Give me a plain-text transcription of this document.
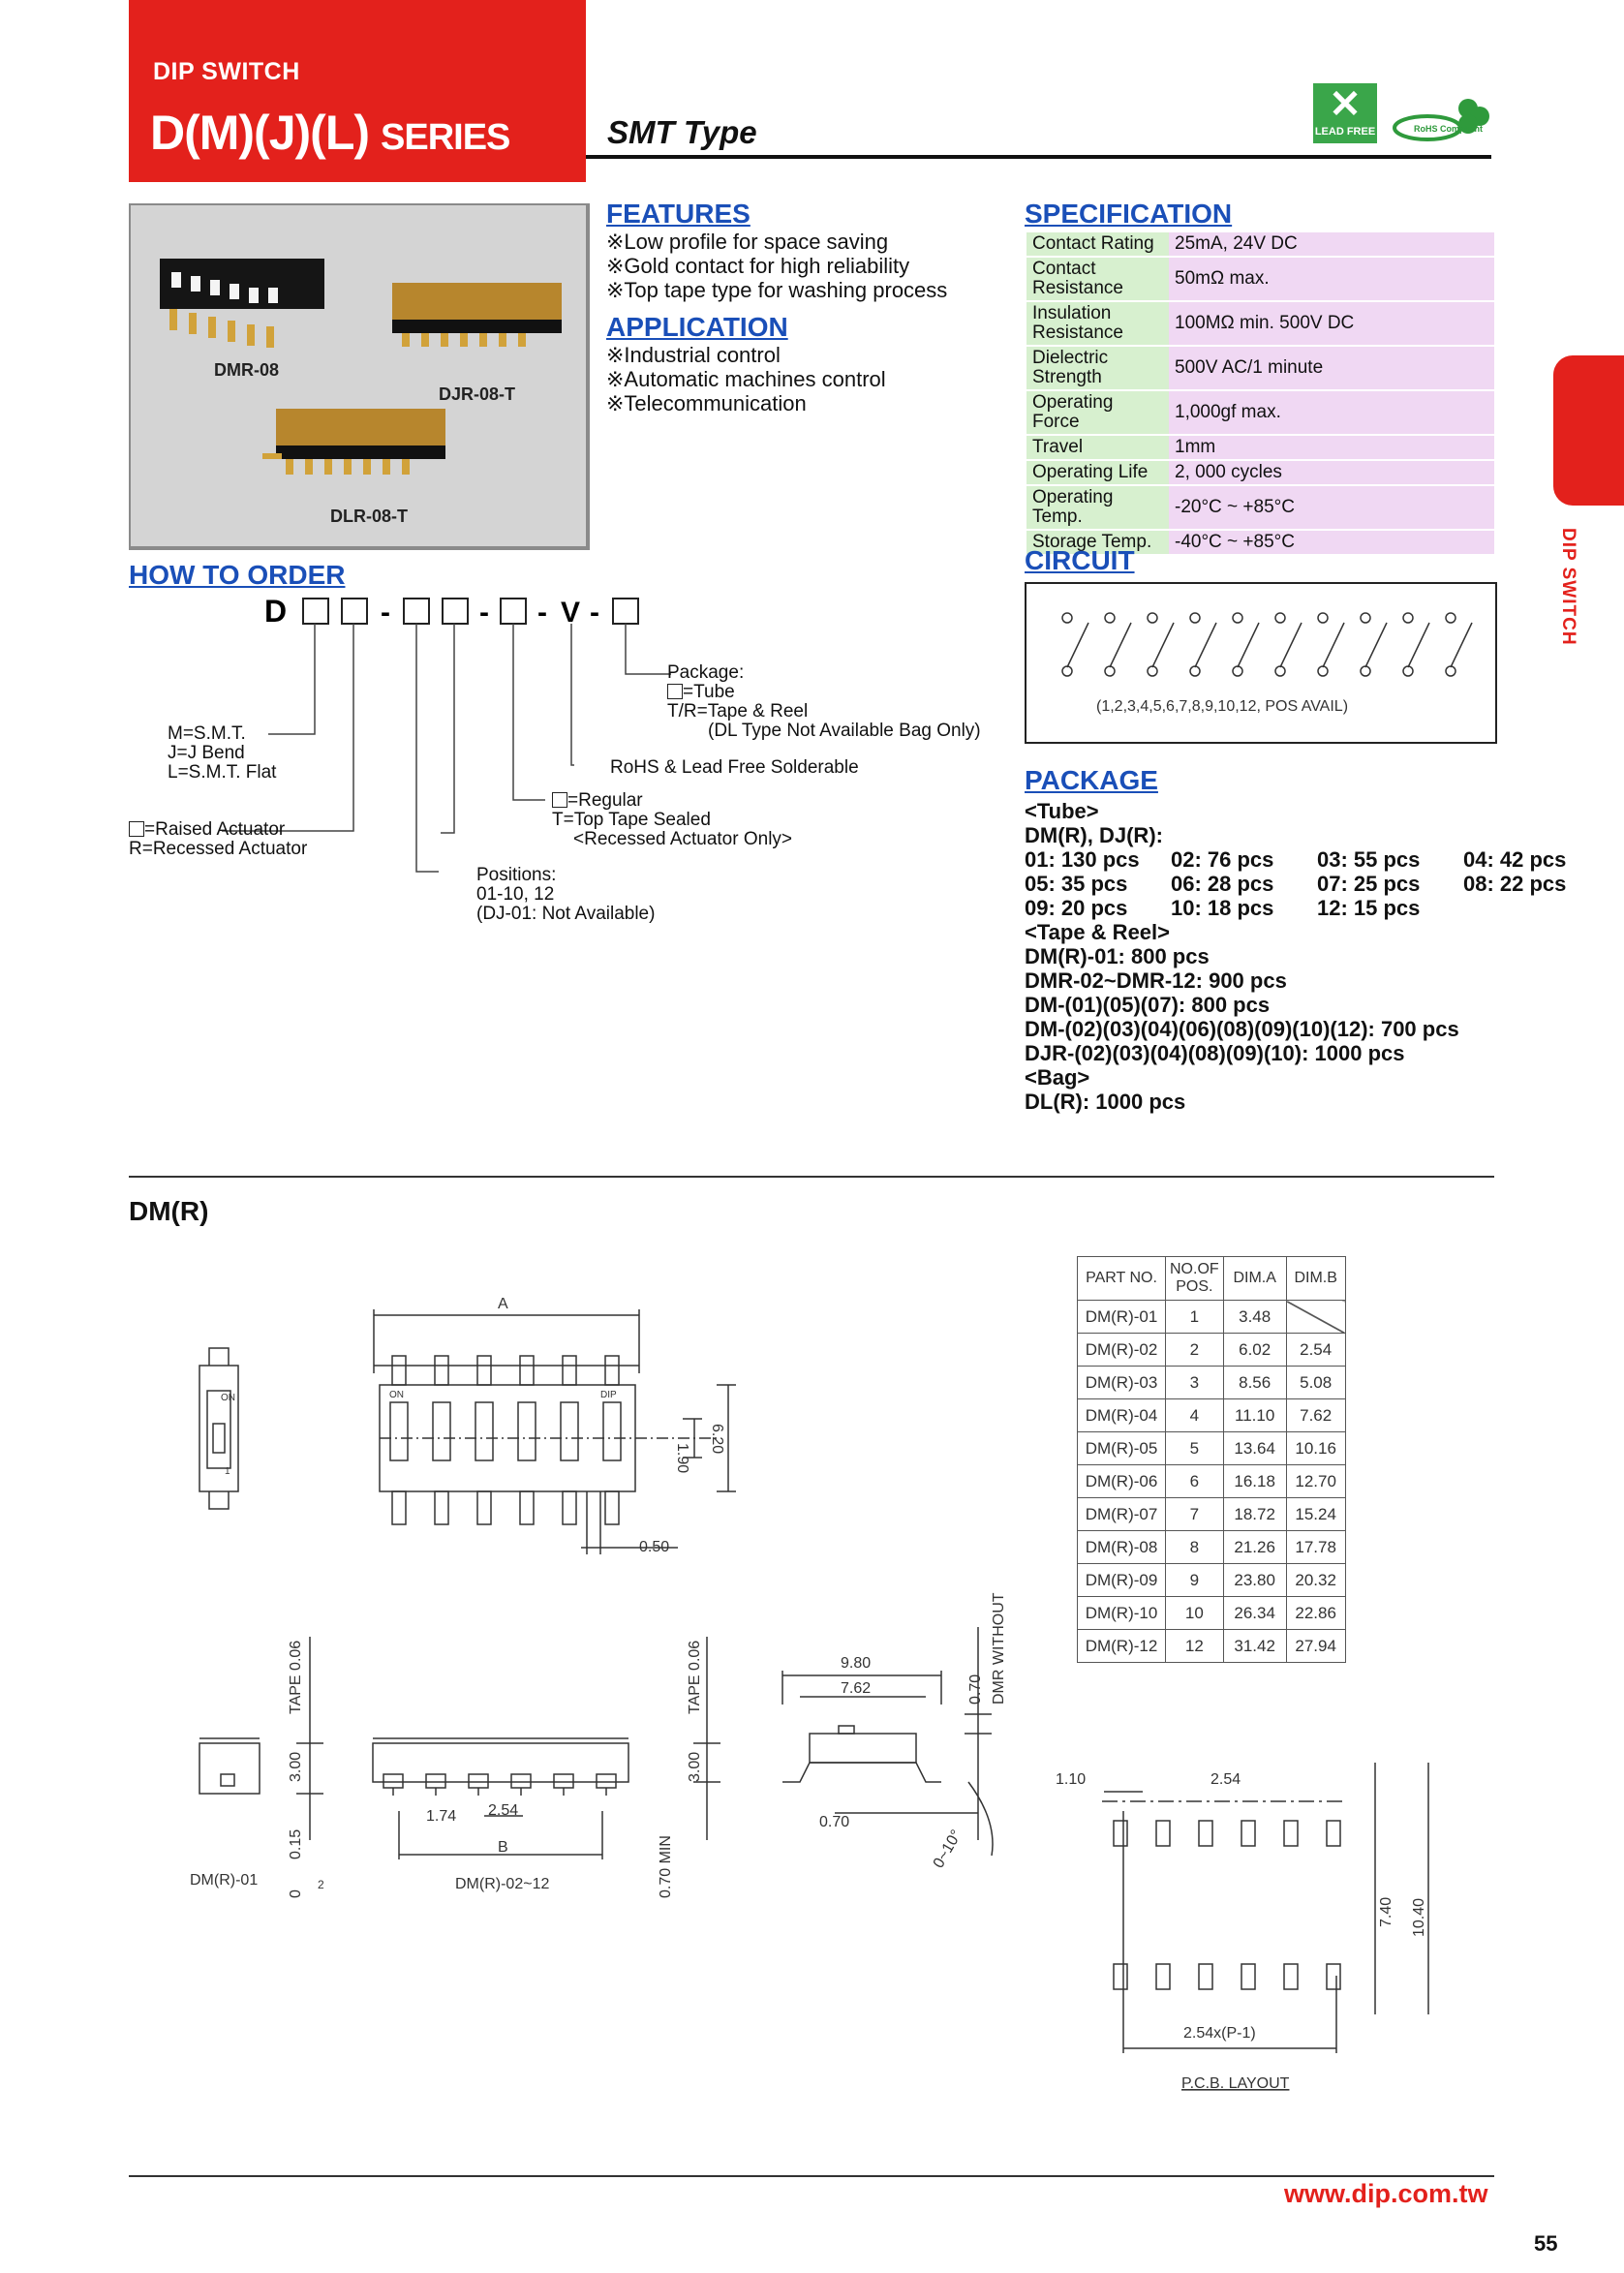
DIP SWITCH
D(M)(J)(L) SERIES	SMT Type
✕
LEAD FREE	RoHS Compliant
DMR-08
DJR-08-T
DLR-08-T
FEATURES
※Low profile for space saving
※Gold contact for high reliability
※Top tape type for washing process
APPLICATION
※Industrial control
※Automatic machines control
※Telecommunication
SPECIFICATION
Contact Rating	25mA, 24V DC
Contact Resistance	50mΩ max.
Insulation Resistance	100MΩ min. 500V DC
Dielectric Strength	500V AC/1 minute
Operating Force	1,000gf max.
Travel	1mm
Operating Life	2, 000 cycles
Operating Temp.	-20°C ~ +85°C
Storage Temp.	-40°C ~ +85°C
CIRCUIT
(1,2,3,4,5,6,7,8,9,10,12, POS AVAIL)
HOW TO ORDER
D	-	- - V -
Package:
=Tube
T/R=Tape & Reel
(DL Type Not Available Bag Only)
RoHS & Lead Free Solderable
=Regular
T=Top Tape Sealed
<Recessed Actuator Only>
Positions:
01-10, 12
(DJ-01: Not Available)
M=S.M.T.
J=J Bend
L=S.M.T. Flat
=Raised Actuator
R=Recessed Actuator
PACKAGE
<Tube>
DM(R), DJ(R):
01: 130 pcs	02: 76 pcs	03: 55 pcs	04: 42 pcs
05: 35 pcs	06: 28 pcs	07: 25 pcs	08: 22 pcs
09: 20 pcs	10: 18 pcs	12: 15 pcs
<Tape & Reel>
DM(R)-01: 800 pcs
DMR-02~DMR-12: 900 pcs
DM-(01)(05)(07): 800 pcs
DM-(02)(03)(04)(06)(08)(09)(10)(12): 700 pcs
DJR-(02)(03)(04)(08)(09)(10): 1000 pcs
<Bag>
DL(R): 1000 pcs
DM(R)
PART NO.	NO.OF POS.	DIM.A	DIM.B
DM(R)-01	1	3.48	
DM(R)-02	2	6.02	2.54
DM(R)-03	3	8.56	5.08
DM(R)-04	4	11.10	7.62
DM(R)-05	5	13.64	10.16
DM(R)-06	6	16.18	12.70
DM(R)-07	7	18.72	15.24
DM(R)-08	8	21.26	17.78
DM(R)-09	9	23.80	20.32
DM(R)-10	10	26.34	22.86
DM(R)-12	12	31.42	27.94
A
ON	ON	DIP
1	1.90
6.20
0.50
TAPE 0.06
3.00
0.15
0
2
DM(R)-01
TAPE 0.06
3.00
1.74 2.54
B
DM(R)-02~12	0.70 MIN
9.80
7.62	0.70 DMR WITHOUT
0.70
0~10°
1.10	2.54
7.40 10.40
2.54x(P-1)
P.C.B. LAYOUT
www.dip.com.tw
55
DIP SWITCH
